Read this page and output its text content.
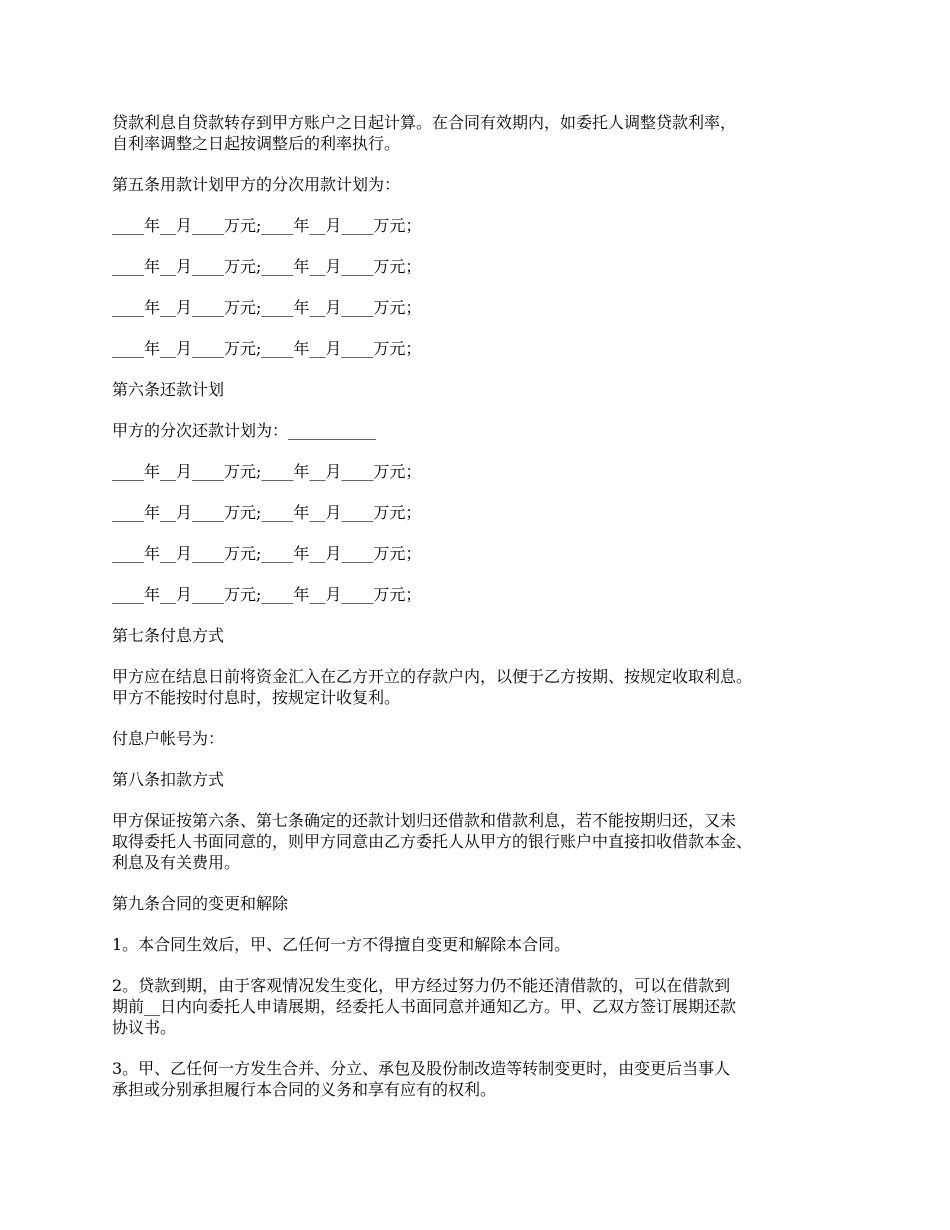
贷款利息自贷款转存到甲方账户之日起计算。在合同有效期内，如委托人调整贷款利率，
自利率调整之日起按调整后的利率执行。
第五条用款计划甲方的分次用款计划为：
____年__月____万元;____年__月____万元；
____年__月____万元;____年__月____万元；
____年__月____万元;____年__月____万元；
____年__月____万元;____年__月____万元；
第六条还款计划
甲方的分次还款计划为：___________
____年__月____万元;____年__月____万元；
____年__月____万元;____年__月____万元；
____年__月____万元;____年__月____万元；
____年__月____万元;____年__月____万元；
第七条付息方式
甲方应在结息日前将资金汇入在乙方开立的存款户内，以便于乙方按期、按规定收取利息。
甲方不能按时付息时，按规定计收复利。
付息户帐号为：
第八条扣款方式
甲方保证按第六条、第七条确定的还款计划归还借款和借款利息，若不能按期归还，又未
取得委托人书面同意的，则甲方同意由乙方委托人从甲方的银行账户中直接扣收借款本金、
利息及有关费用。
第九条合同的变更和解除
1。本合同生效后，甲、乙任何一方不得擅自变更和解除本合同。
2。贷款到期，由于客观情况发生变化，甲方经过努力仍不能还清借款的，可以在借款到
期前__日内向委托人申请展期，经委托人书面同意并通知乙方。甲、乙双方签订展期还款
协议书。
3。甲、乙任何一方发生合并、分立、承包及股份制改造等转制变更时，由变更后当事人
承担或分别承担履行本合同的义务和享有应有的权利。
